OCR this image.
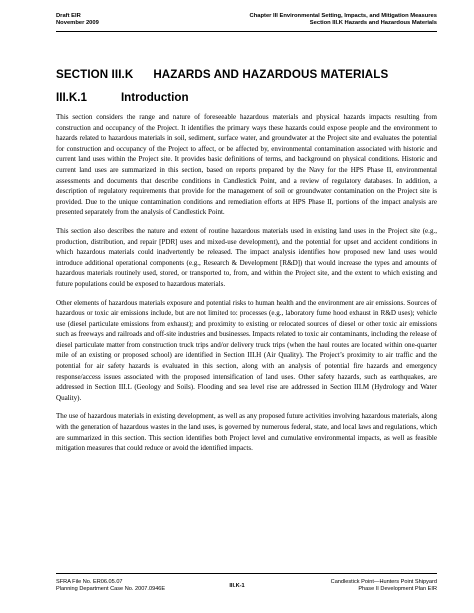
Draft EIR
November 2009
Chapter III Environmental Setting, Impacts, and Mitigation Measures
Section III.K Hazards and Hazardous Materials
SECTION III.K HAZARDS AND HAZARDOUS MATERIALS
III.K.1	Introduction

This section considers the range and nature of foreseeable hazardous materials and physical hazards impacts resulting from construction and occupancy of the Project. It identifies the primary ways these hazards could expose people and the environment to hazards related to hazardous materials in soil, sediment, surface water, and groundwater at the Project site and evaluates the potential for construction and occupancy of the Project to affect, or be affected by, environmental contamination associated with historic and current land uses within the Project site. It provides basic definitions of terms, and background on physical conditions. Historic and current land uses are summarized in this section, based on reports prepared by the Navy for the HPS Phase II, environmental assessments and documents that describe conditions in Candlestick Point, and a review of regulatory databases. In addition, a description of regulatory requirements that provide for the management of soil or groundwater contamination on the Project site is provided. Due to the unique contamination conditions and remediation efforts at HPS Phase II, portions of the impact analysis are presented separately from the analysis of Candlestick Point.

This section also describes the nature and extent of routine hazardous materials used in existing land uses in the Project site (e.g., production, distribution, and repair [PDR] uses and mixed-use development), and the potential for upset and accident conditions in which hazardous materials could inadvertently be released. The impact analysis identifies how proposed new land uses would introduce additional operational components (e.g., Research & Development [R&D]) that would increase the types and amounts of hazardous materials routinely used, stored, or transported to, from, and within the Project site, and the extent to which existing and future populations could be exposed to hazardous materials.

Other elements of hazardous materials exposure and potential risks to human health and the environment are air emissions. Sources of hazardous or toxic air emissions include, but are not limited to: processes (e.g., laboratory fume hood exhaust in R&D uses); vehicle use (diesel particulate emissions from exhaust); and proximity to existing or relocated sources of diesel or other toxic air emissions such as freeways and railroads and off-site industries and businesses. Impacts related to toxic air contaminants, including the release of diesel particulate matter from construction truck trips and/or delivery truck trips (when the haul routes are located within one-quarter mile of an existing or proposed school) are identified in Section III.H (Air Quality). The Project’s proximity to air traffic and the potential for air safety hazards is evaluated in this section, along with an analysis of potential fire hazards and emergency response/access issues associated with the proposed intensification of land uses. Other safety hazards, such as earthquakes, are addressed in Section III.L (Geology and Soils). Flooding and sea level rise are addressed in Section III.M (Hydrology and Water Quality).

The use of hazardous materials in existing development, as well as any proposed future activities involving hazardous materials, along with the generation of hazardous wastes in the land uses, is governed by numerous federal, state, and local laws and regulations, which are summarized in this section. This section identifies both Project level and cumulative environmental impacts, as well as feasible mitigation measures that could reduce or avoid the identified impacts.

SFRA File No. ER06.05.07
Planning Department Case No. 2007.0946E
III.K-1
Candlestick Point—Hunters Point Shipyard
Phase II Development Plan EIR
